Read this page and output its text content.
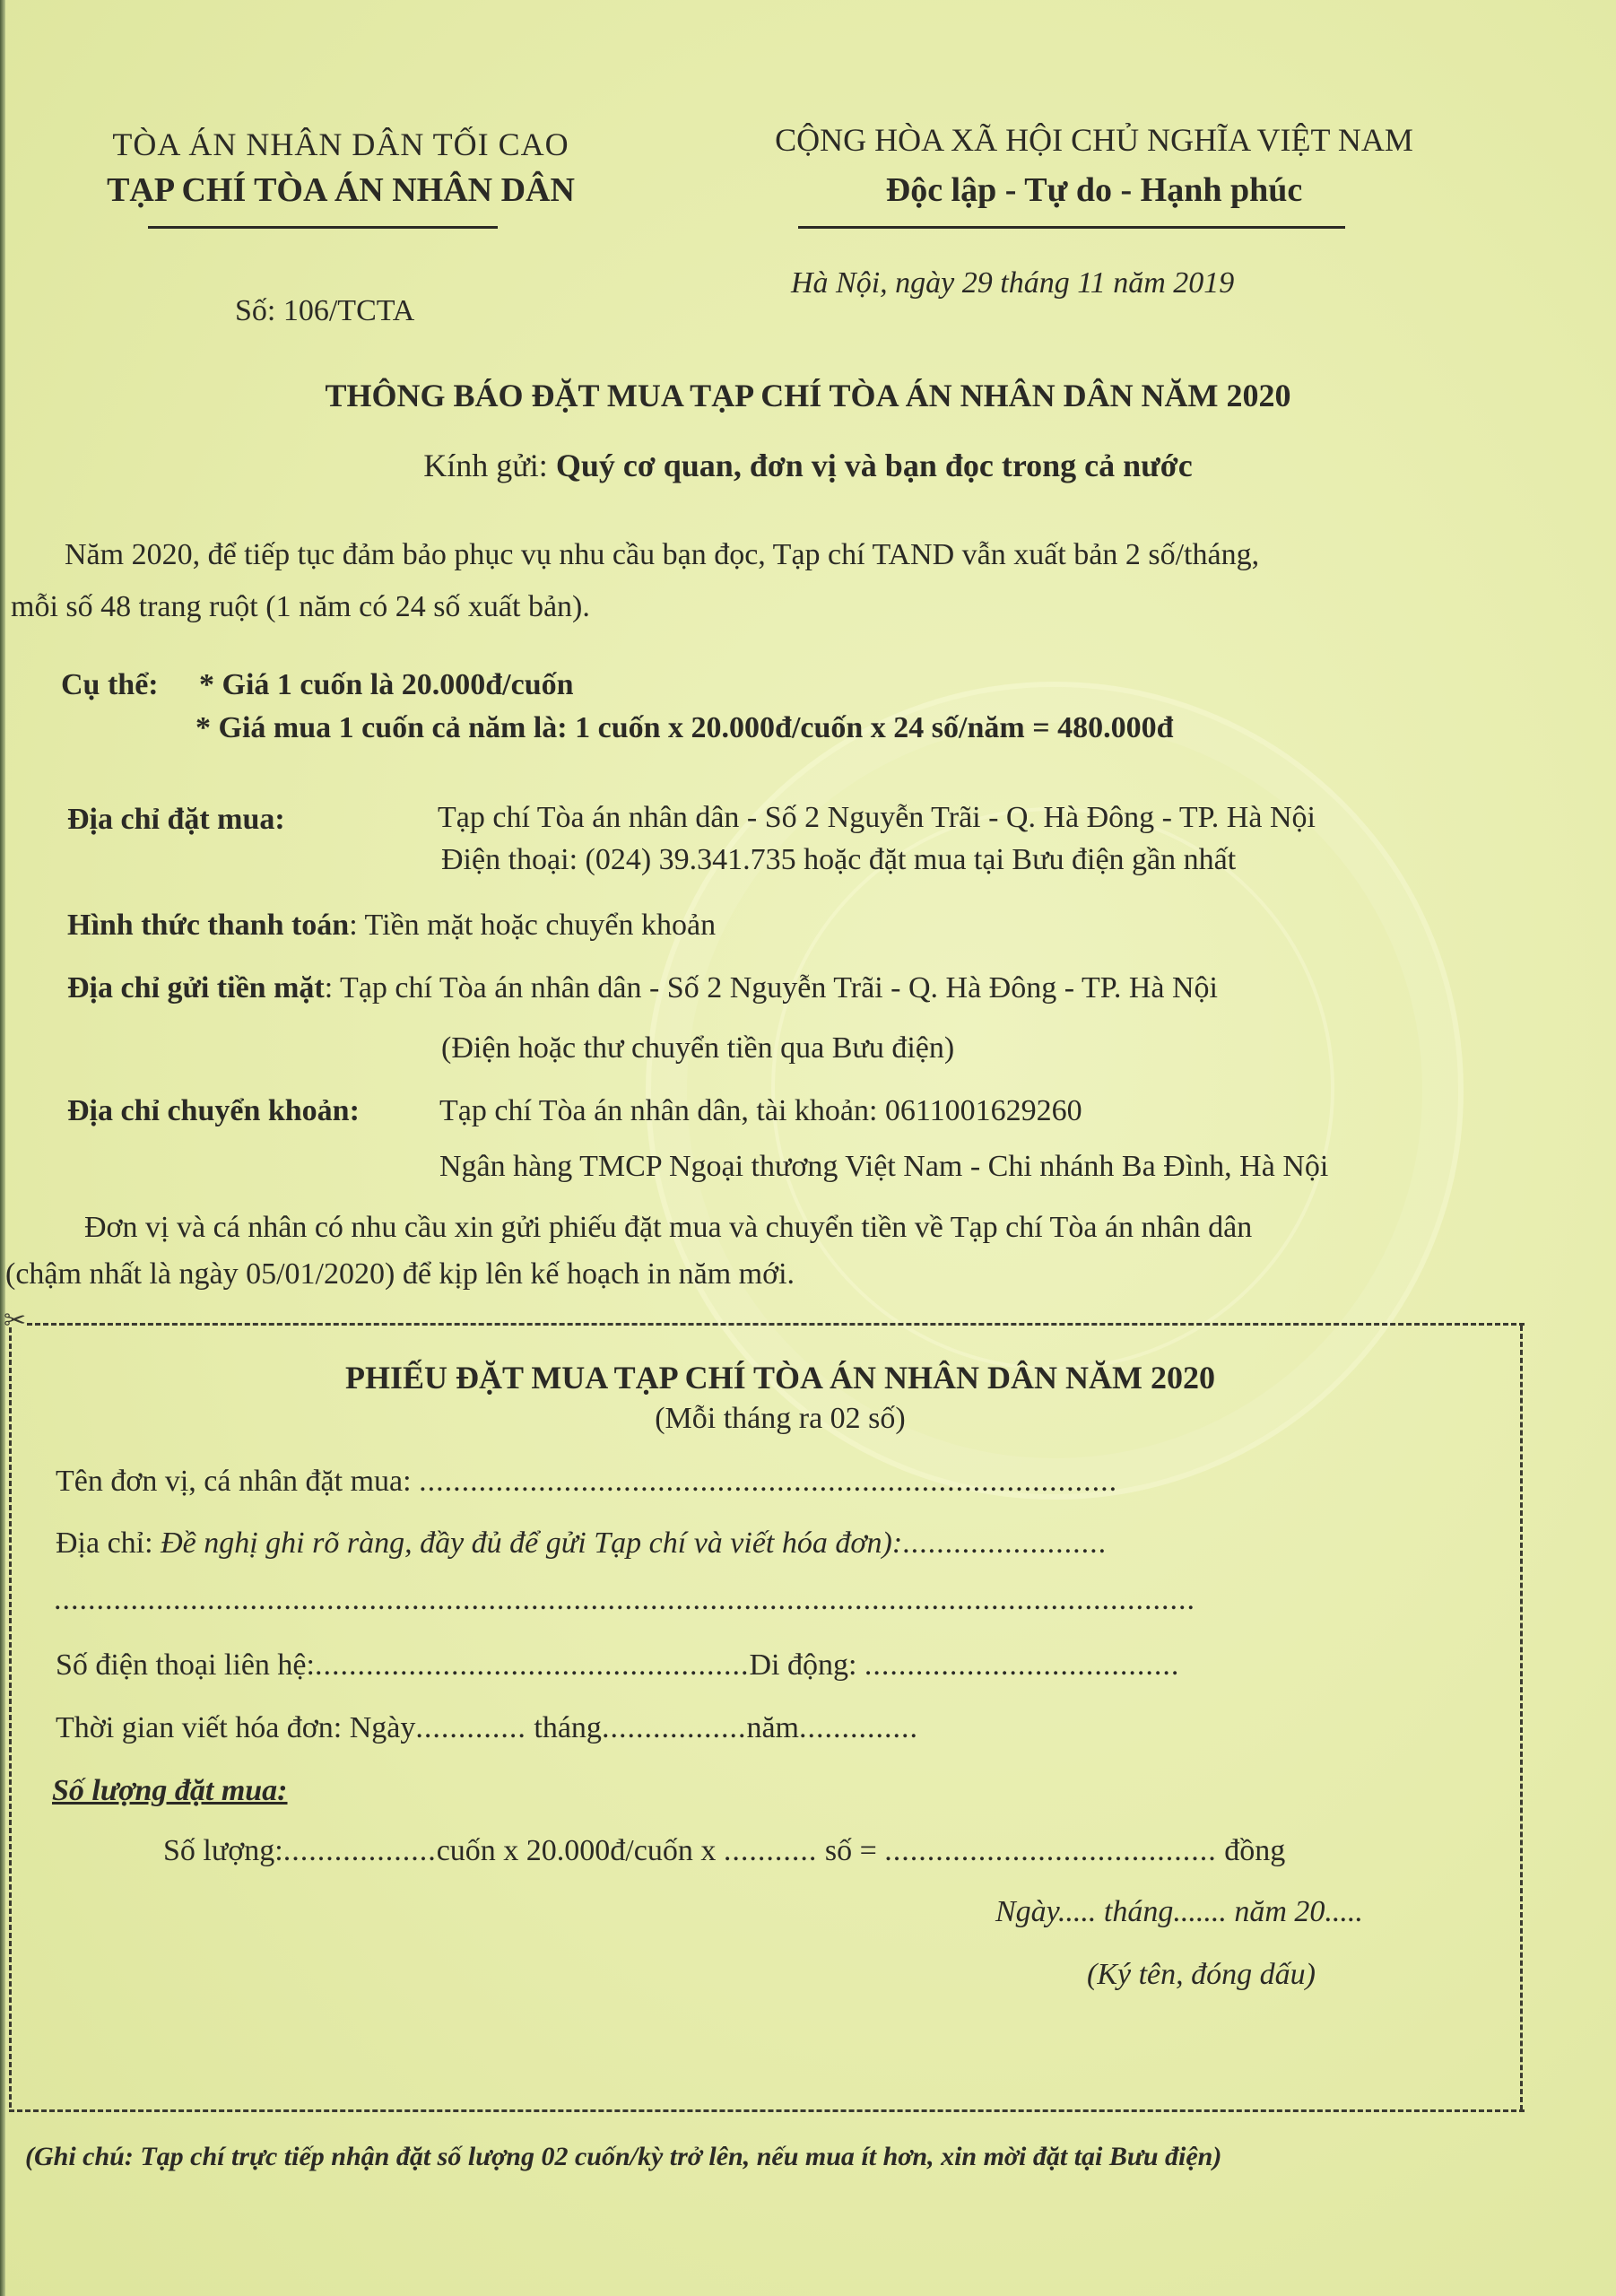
TÒA ÁN NHÂN DÂN TỐI CAO
TẠP CHÍ TÒA ÁN NHÂN DÂN
CỘNG HÒA XÃ HỘI CHỦ NGHĨA VIỆT NAM
Độc lập - Tự do - Hạnh phúc
Số: 106/TCTA
Hà Nội, ngày 29 tháng 11 năm 2019
THÔNG BÁO ĐẶT MUA TẠP CHÍ TÒA ÁN NHÂN DÂN NĂM 2020
Kính gửi: Quý cơ quan, đơn vị và bạn đọc trong cả nước
Năm 2020, để tiếp tục đảm bảo phục vụ nhu cầu bạn đọc, Tạp chí TAND vẫn xuất bản 2 số/tháng,
mỗi số 48 trang ruột (1 năm có 24 số xuất bản).
Cụ thể: * Giá 1 cuốn là 20.000đ/cuốn
* Giá mua 1 cuốn cả năm là: 1 cuốn x 20.000đ/cuốn x 24 số/năm = 480.000đ
Địa chỉ đặt mua:	Tạp chí Tòa án nhân dân - Số 2 Nguyễn Trãi - Q. Hà Đông - TP. Hà Nội
Điện thoại: (024) 39.341.735 hoặc đặt mua tại Bưu điện gần nhất
Hình thức thanh toán: Tiền mặt hoặc chuyển khoản
Địa chỉ gửi tiền mặt: Tạp chí Tòa án nhân dân - Số 2 Nguyễn Trãi - Q. Hà Đông - TP. Hà Nội
(Điện hoặc thư chuyển tiền qua Bưu điện)
Địa chỉ chuyển khoản:	Tạp chí Tòa án nhân dân, tài khoản: 0611001629260
Ngân hàng TMCP Ngoại thương Việt Nam - Chi nhánh Ba Đình, Hà Nội
Đơn vị và cá nhân có nhu cầu xin gửi phiếu đặt mua và chuyển tiền về Tạp chí Tòa án nhân dân
(chậm nhất là ngày 05/01/2020) để kịp lên kế hoạch in năm mới.
✂
PHIẾU ĐẶT MUA TẠP CHÍ TÒA ÁN NHÂN DÂN NĂM 2020
(Mỗi tháng ra 02 số)
Tên đơn vị, cá nhân đặt mua: ..................................................................................
Địa chỉ: Đề nghị ghi rõ ràng, đầy đủ để gửi Tạp chí và viết hóa đơn):........................
......................................................................................................................................
Số điện thoại liên hệ:...................................................Di động: .....................................
Thời gian viết hóa đơn: Ngày............. tháng.................năm..............
Số lượng đặt mua:
Số lượng:..................cuốn x 20.000đ/cuốn x ........... số = ....................................... đồng
Ngày..... tháng....... năm 20.....
(Ký tên, đóng dấu)
(Ghi chú: Tạp chí trực tiếp nhận đặt số lượng 02 cuốn/kỳ trở lên, nếu mua ít hơn, xin mời đặt tại Bưu điện)
